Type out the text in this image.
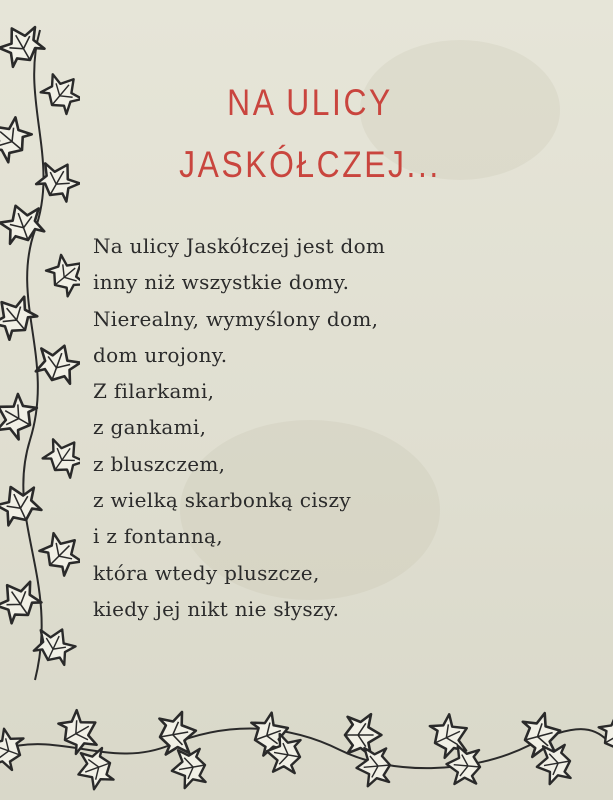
NA ULICY
JASKÓŁCZEJ...
Na ulicy Jaskółczej jest dom
inny niż wszystkie domy.
Nierealny, wymyślony dom,
dom urojony.
Z filarkami,
z gankami,
z bluszczem,
z wielką skarbonką ciszy
i z fontanną,
która wtedy pluszcze,
kiedy jej nikt nie słyszy.
